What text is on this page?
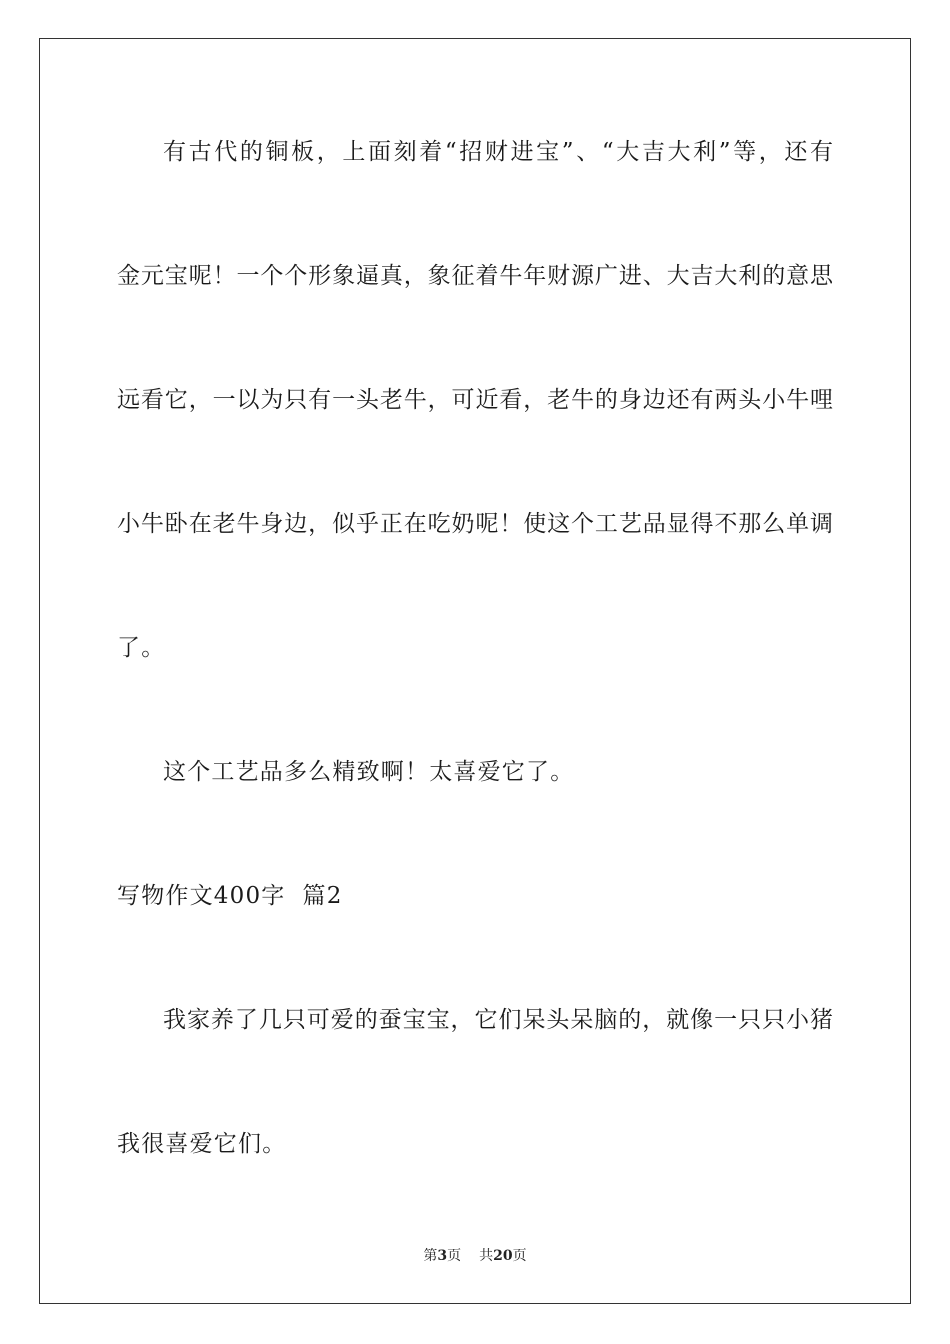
有古代的铜板，上面刻着“招财进宝”、“大吉大利”等，还有
金元宝呢！一个个形象逼真，象征着牛年财源广进、大吉大利的意思
远看它，一以为只有一头老牛，可近看，老牛的身边还有两头小牛哩
小牛卧在老牛身边，似乎正在吃奶呢！使这个工艺品显得不那么单调
了。
这个工艺品多么精致啊！太喜爱它了。
写物作文400字  篇2
我家养了几只可爱的蚕宝宝，它们呆头呆脑的，就像一只只小猪
我很喜爱它们。
第3页 共20页
